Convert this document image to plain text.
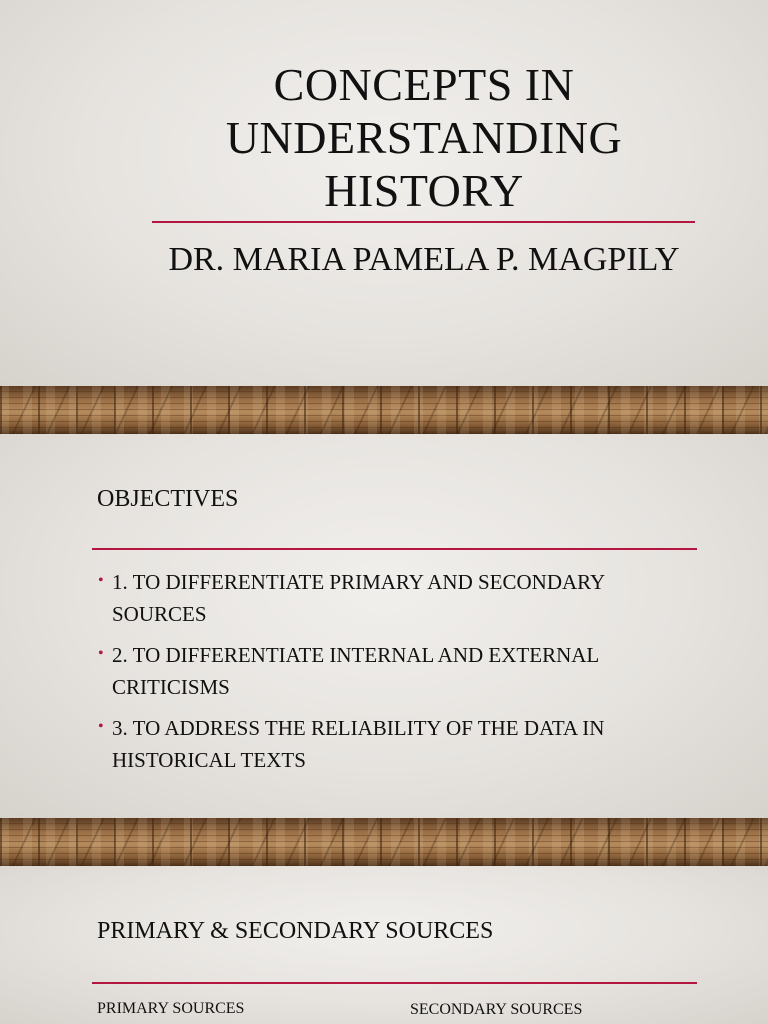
CONCEPTS IN
UNDERSTANDING
HISTORY
DR. MARIA PAMELA P. MAGPILY
OBJECTIVES
• 1. TO DIFFERENTIATE PRIMARY AND SECONDARY SOURCES
• 2. TO DIFFERENTIATE INTERNAL AND EXTERNAL CRITICISMS
• 3. TO ADDRESS THE RELIABILITY OF THE DATA IN HISTORICAL TEXTS
PRIMARY & SECONDARY SOURCES
PRIMARY SOURCES	SECONDARY SOURCES
